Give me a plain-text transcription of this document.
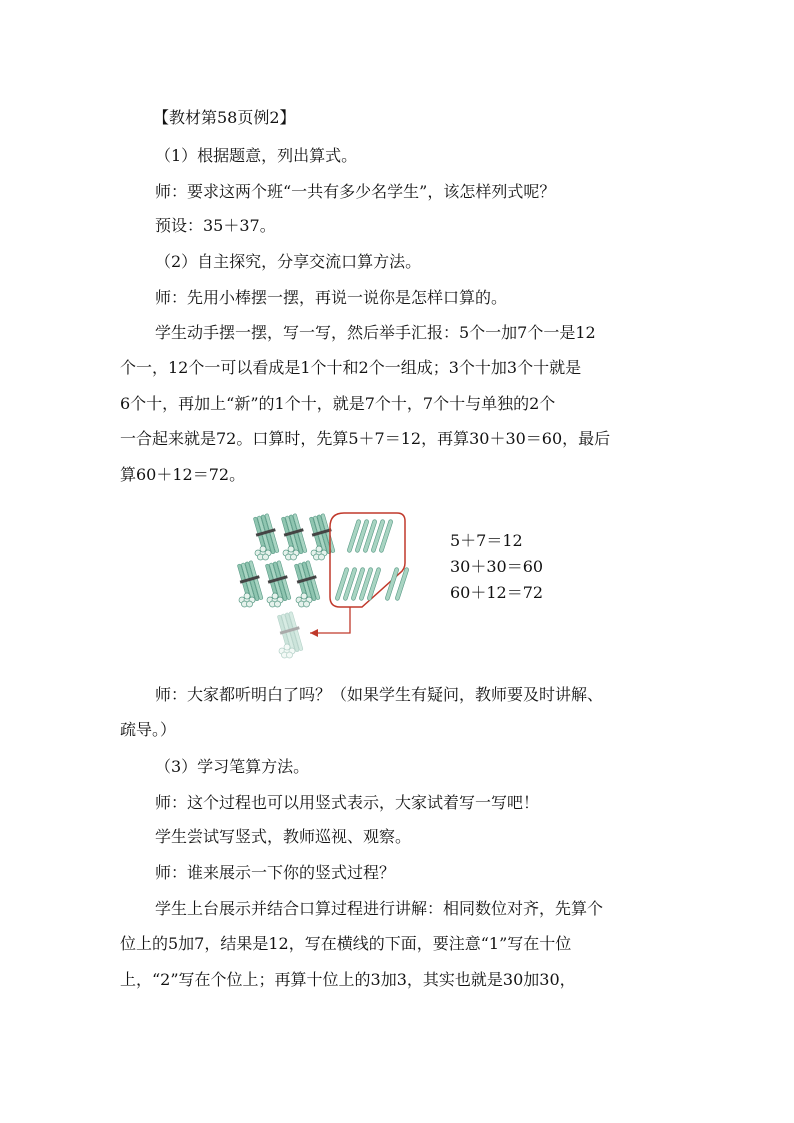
【教材第58页例2】
（1）根据题意，列出算式。
师：要求这两个班“一共有多少名学生”，该怎样列式呢？
预设：35＋37。
（2）自主探究，分享交流口算方法。
师：先用小棒摆一摆，再说一说你是怎样口算的。
学生动手摆一摆，写一写，然后举手汇报：5个一加7个一是12
个一，12个一可以看成是1个十和2个一组成；3个十加3个十就是
6个十，再加上“新”的1个十，就是7个十，7个十与单独的2个
一合起来就是72。口算时，先算5＋7＝12，再算30＋30＝60，最后
算60＋12＝72。
5＋7＝12
30＋30＝60
60＋12＝72
师：大家都听明白了吗？（如果学生有疑问，教师要及时讲解、
疏导。）
（3）学习笔算方法。
师：这个过程也可以用竖式表示，大家试着写一写吧！
学生尝试写竖式，教师巡视、观察。
师：谁来展示一下你的竖式过程？
学生上台展示并结合口算过程进行讲解：相同数位对齐，先算个
位上的5加7，结果是12，写在横线的下面，要注意“1”写在十位
上，“2”写在个位上；再算十位上的3加3，其实也就是30加30，
